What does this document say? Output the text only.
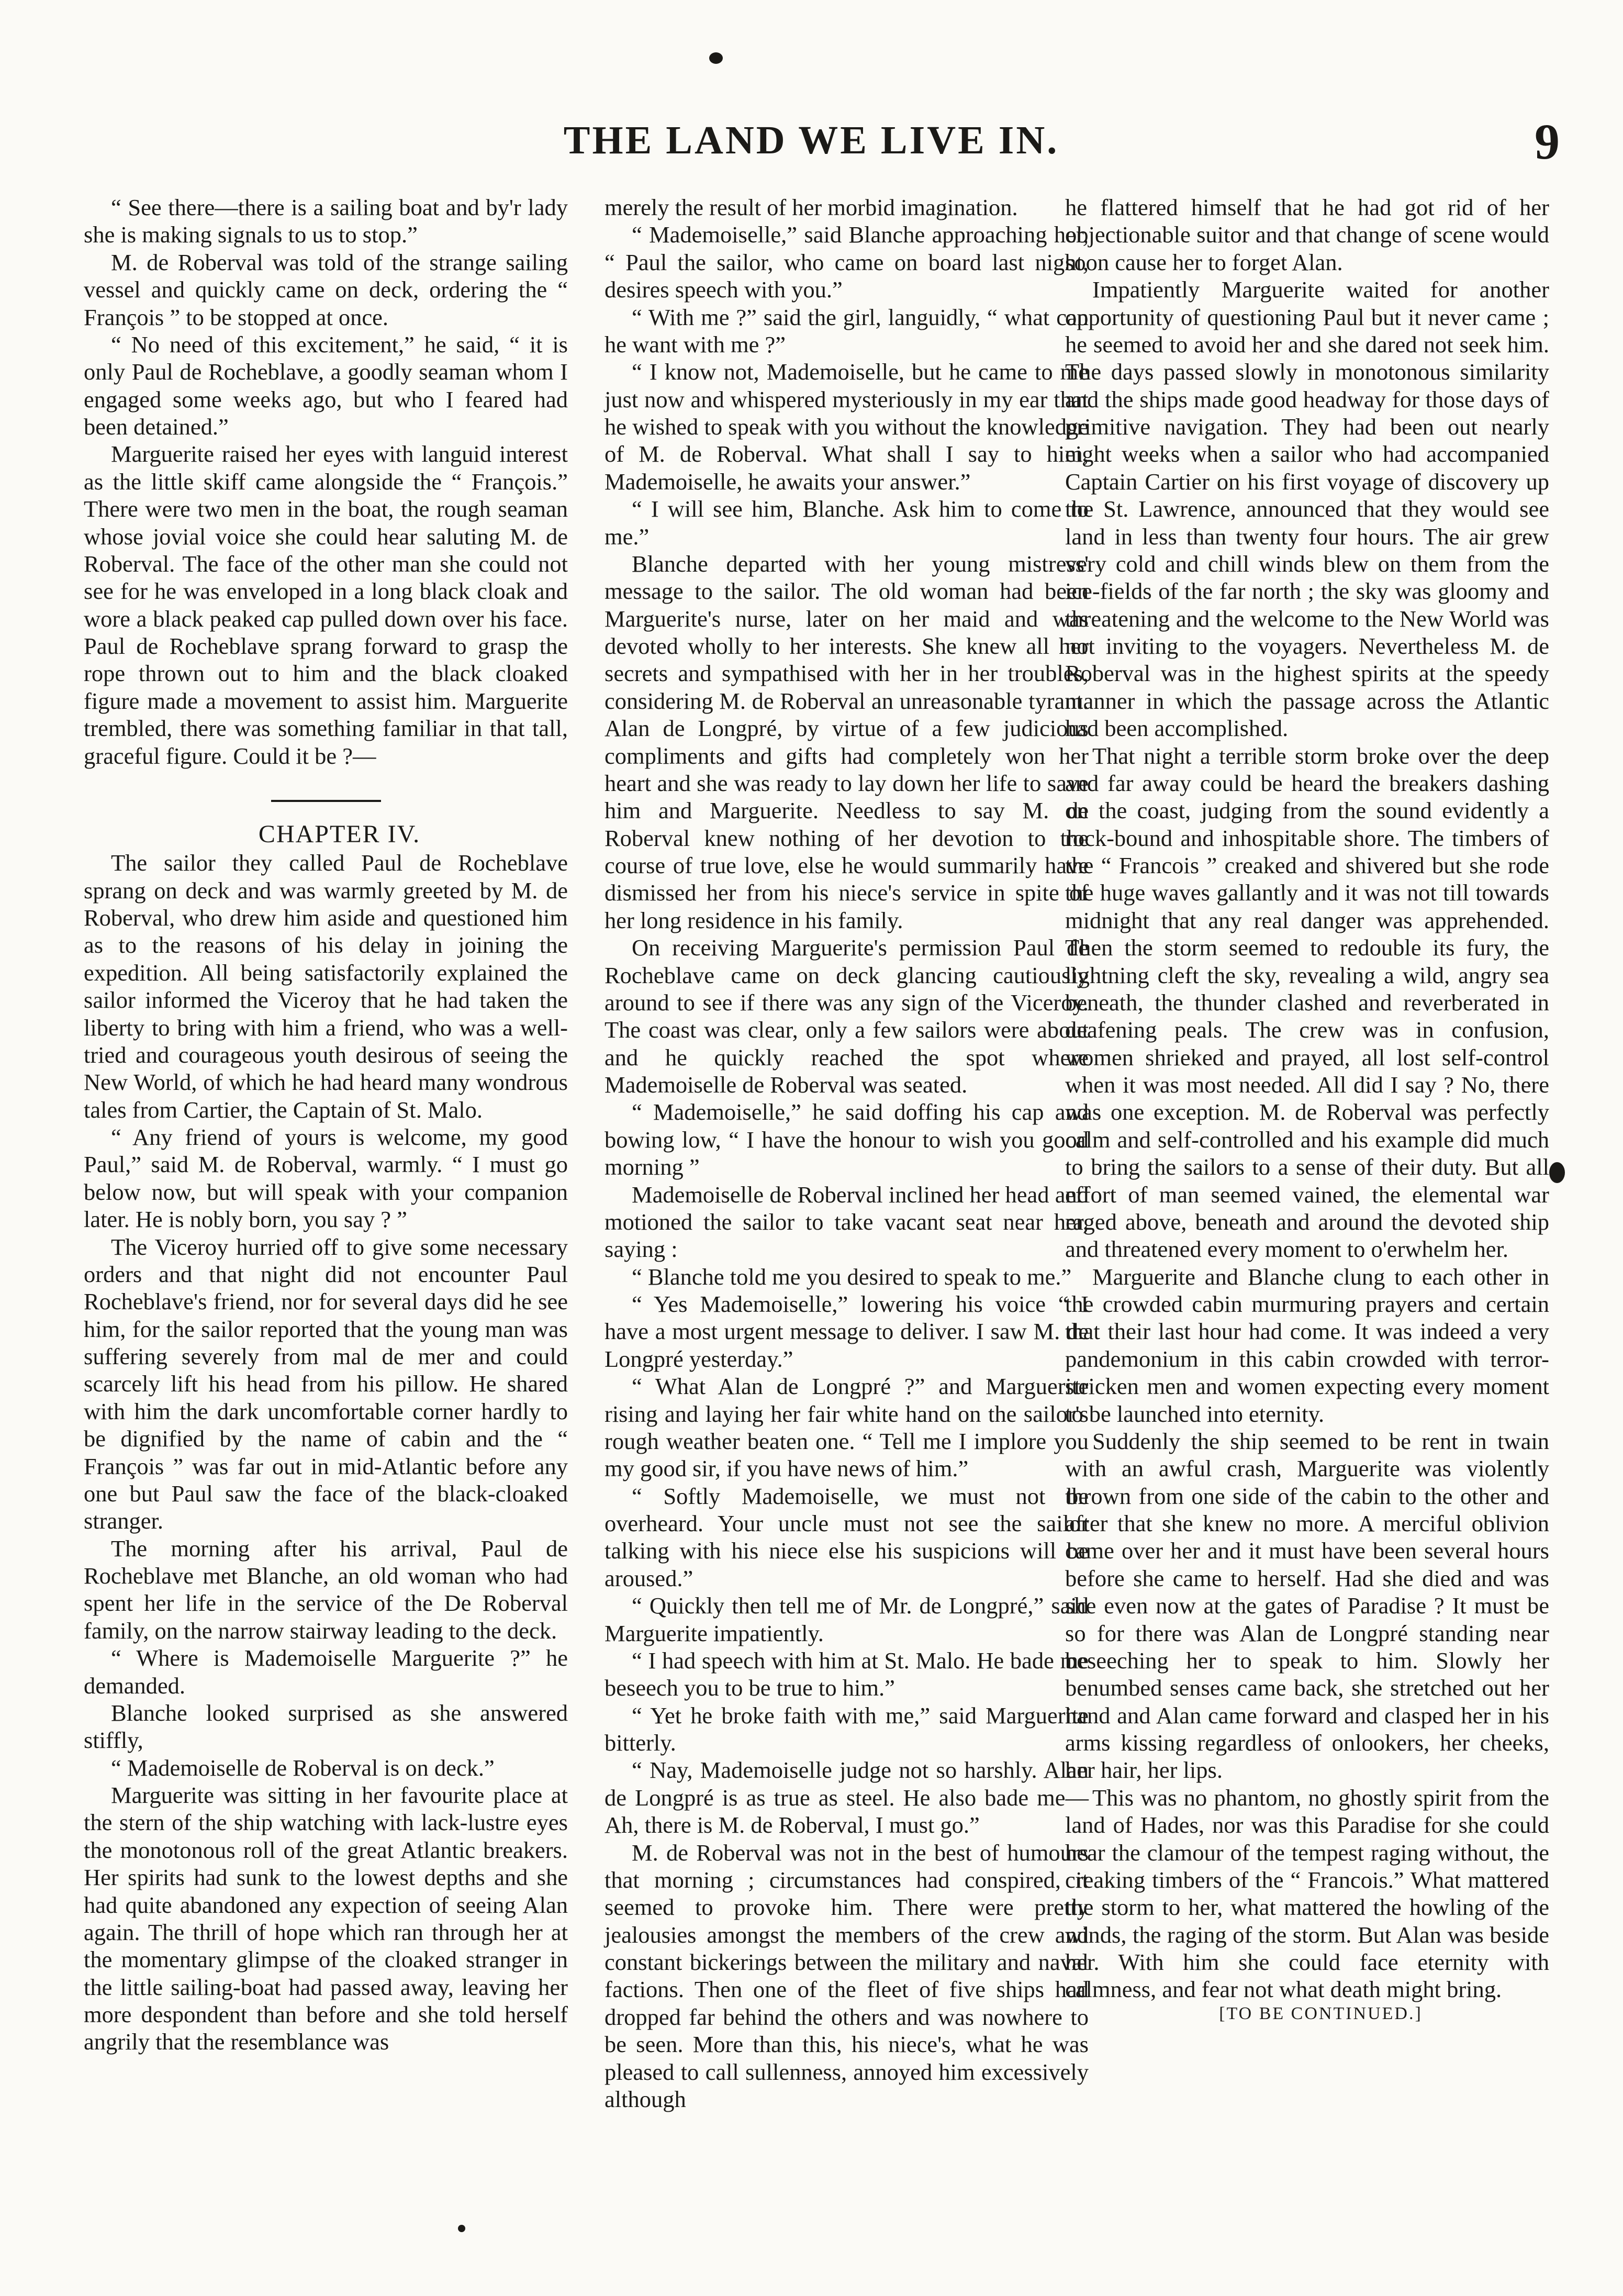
THE LAND WE LIVE IN.	9

“ See there—there is a sailing boat and by'r lady she is making signals to us to stop.”

M. de Roberval was told of the strange sailing vessel and quickly came on deck, ordering the “ François ” to be stopped at once.

“ No need of this excitement,” he said, “ it is only Paul de Rocheblave, a goodly seaman whom I engaged some weeks ago, but who I feared had been detained.”

Marguerite raised her eyes with languid interest as the little skiff came alongside the “ François.” There were two men in the boat, the rough seaman whose jovial voice she could hear saluting M. de Roberval. The face of the other man she could not see for he was enveloped in a long black cloak and wore a black peaked cap pulled down over his face. Paul de Rocheblave sprang forward to grasp the rope thrown out to him and the black cloaked figure made a movement to assist him. Marguerite trembled, there was something familiar in that tall, graceful figure. Could it be ?—

CHAPTER IV.

The sailor they called Paul de Rocheblave sprang on deck and was warmly greeted by M. de Roberval, who drew him aside and questioned him as to the reasons of his delay in joining the expedition. All being satisfactorily explained the sailor informed the Viceroy that he had taken the liberty to bring with him a friend, who was a well-tried and courageous youth desirous of seeing the New World, of which he had heard many wondrous tales from Cartier, the Captain of St. Malo.

“ Any friend of yours is welcome, my good Paul,” said M. de Roberval, warmly. “ I must go below now, but will speak with your companion later. He is nobly born, you say ? ”

The Viceroy hurried off to give some necessary orders and that night did not encounter Paul Rocheblave's friend, nor for several days did he see him, for the sailor reported that the young man was suffering severely from mal de mer and could scarcely lift his head from his pillow. He shared with him the dark uncomfortable corner hardly to be dignified by the name of cabin and the “ François ” was far out in mid-Atlantic before any one but Paul saw the face of the black-cloaked stranger.

The morning after his arrival, Paul de Rocheblave met Blanche, an old woman who had spent her life in the service of the De Roberval family, on the narrow stairway leading to the deck.

“ Where is Mademoiselle Marguerite ?” he demanded.

Blanche looked surprised as she answered stiffly,

“ Mademoiselle de Roberval is on deck.”

Marguerite was sitting in her favourite place at the stern of the ship watching with lack-lustre eyes the monotonous roll of the great Atlantic breakers. Her spirits had sunk to the lowest depths and she had quite abandoned any expection of seeing Alan again. The thrill of hope which ran through her at the momentary glimpse of the cloaked stranger in the little sailing-boat had passed away, leaving her more despondent than before and she told herself angrily that the resemblance was

merely the result of her morbid imagination.

“ Mademoiselle,” said Blanche approaching her, “ Paul the sailor, who came on board last night, desires speech with you.”

“ With me ?” said the girl, languidly, “ what can he want with me ?”

“ I know not, Mademoiselle, but he came to me just now and whispered mysteriously in my ear that he wished to speak with you without the knowledge of M. de Roberval. What shall I say to him, Mademoiselle, he awaits your answer.”

“ I will see him, Blanche. Ask him to come to me.”

Blanche departed with her young mistress' message to the sailor. The old woman had been Marguerite's nurse, later on her maid and was devoted wholly to her interests. She knew all her secrets and sympathised with her in her troubles, considering M. de Roberval an unreasonable tyrant. Alan de Longpré, by virtue of a few judicious compliments and gifts had completely won her heart and she was ready to lay down her life to save him and Marguerite. Needless to say M. de Roberval knew nothing of her devotion to the course of true love, else he would summarily have dismissed her from his niece's service in spite of her long residence in his family.

On receiving Marguerite's permission Paul de Rocheblave came on deck glancing cautiously around to see if there was any sign of the Viceroy. The coast was clear, only a few sailors were about and he quickly reached the spot where Mademoiselle de Roberval was seated.

“ Mademoiselle,” he said doffing his cap and bowing low, “ I have the honour to wish you good morning ”

Mademoiselle de Roberval inclined her head and motioned the sailor to take vacant seat near her, saying :

“ Blanche told me you desired to speak to me.”

“ Yes Mademoiselle,” lowering his voice “ I have a most urgent message to deliver. I saw M. de Longpré yesterday.”

“ What Alan de Longpré ?” and Marguerite rising and laying her fair white hand on the sailor's rough weather beaten one. “ Tell me I implore you my good sir, if you have news of him.”

“ Softly Mademoiselle, we must not be overheard. Your uncle must not see the sailor talking with his niece else his suspicions will be aroused.”

“ Quickly then tell me of Mr. de Longpré,” said Marguerite impatiently.

“ I had speech with him at St. Malo. He bade me beseech you to be true to him.”

“ Yet he broke faith with me,” said Marguerite bitterly.

“ Nay, Mademoiselle judge not so harshly. Alan de Longpré is as true as steel. He also bade me— Ah, there is M. de Roberval, I must go.”

M. de Roberval was not in the best of humours that morning ; circumstances had conspired, it seemed to provoke him. There were pretty jealousies amongst the members of the crew and constant bickerings between the military and naval factions. Then one of the fleet of five ships had dropped far behind the others and was nowhere to be seen. More than this, his niece's, what he was pleased to call sullenness, annoyed him excessively although

he flattered himself that he had got rid of her objectionable suitor and that change of scene would soon cause her to forget Alan.

Impatiently Marguerite waited for another opportunity of questioning Paul but it never came ; he seemed to avoid her and she dared not seek him. The days passed slowly in monotonous similarity and the ships made good headway for those days of primitive navigation. They had been out nearly eight weeks when a sailor who had accompanied Captain Cartier on his first voyage of discovery up the St. Lawrence, announced that they would see land in less than twenty four hours. The air grew very cold and chill winds blew on them from the ice-fields of the far north ; the sky was gloomy and threatening and the welcome to the New World was not inviting to the voyagers. Nevertheless M. de Roberval was in the highest spirits at the speedy manner in which the passage across the Atlantic had been accomplished.

That night a terrible storm broke over the deep and far away could be heard the breakers dashing on the coast, judging from the sound evidently a rock-bound and inhospitable shore. The timbers of the “ Francois ” creaked and shivered but she rode the huge waves gallantly and it was not till towards midnight that any real danger was apprehended. Then the storm seemed to redouble its fury, the lightning cleft the sky, revealing a wild, angry sea beneath, the thunder clashed and reverberated in deafening peals. The crew was in confusion, women shrieked and prayed, all lost self-control when it was most needed. All did I say ? No, there was one exception. M. de Roberval was perfectly calm and self-controlled and his example did much to bring the sailors to a sense of their duty. But all effort of man seemed vained, the elemental war raged above, beneath and around the devoted ship and threatened every moment to o'erwhelm her.

Marguerite and Blanche clung to each other in the crowded cabin murmuring prayers and certain that their last hour had come. It was indeed a very pandemonium in this cabin crowded with terror-stricken men and women expecting every moment to be launched into eternity.

Suddenly the ship seemed to be rent in twain with an awful crash, Marguerite was violently thrown from one side of the cabin to the other and after that she knew no more. A merciful oblivion came over her and it must have been several hours before she came to herself. Had she died and was she even now at the gates of Paradise ? It must be so for there was Alan de Longpré standing near beseeching her to speak to him. Slowly her benumbed senses came back, she stretched out her hand and Alan came forward and clasped her in his arms kissing regardless of onlookers, her cheeks, her hair, her lips.

This was no phantom, no ghostly spirit from the land of Hades, nor was this Paradise for she could hear the clamour of the tempest raging without, the creaking timbers of the “ Francois.” What mattered the storm to her, what mattered the howling of the winds, the raging of the storm. But Alan was beside her. With him she could face eternity with calmness, and fear not what death might bring.

[TO BE CONTINUED.]
